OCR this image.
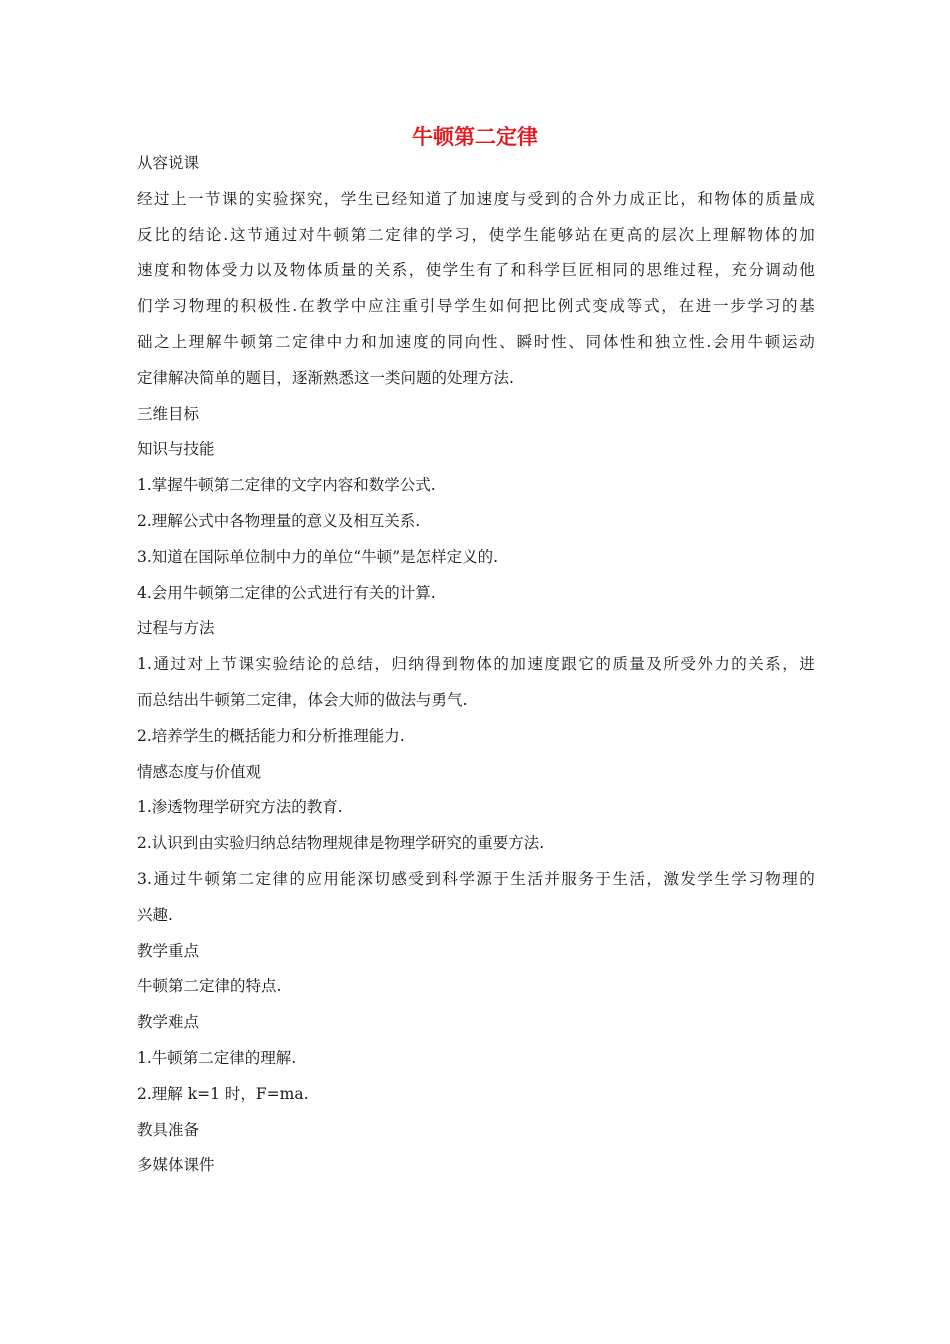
牛顿第二定律
从容说课
经过上一节课的实验探究，学生已经知道了加速度与受到的合外力成正比，和物体的质量成
反比的结论.这节通过对牛顿第二定律的学习，使学生能够站在更高的层次上理解物体的加
速度和物体受力以及物体质量的关系，使学生有了和科学巨匠相同的思维过程，充分调动他
们学习物理的积极性.在教学中应注重引导学生如何把比例式变成等式，在进一步学习的基
础之上理解牛顿第二定律中力和加速度的同向性、瞬时性、同体性和独立性.会用牛顿运动
定律解决简单的题目，逐渐熟悉这一类问题的处理方法.
三维目标
知识与技能
1.掌握牛顿第二定律的文字内容和数学公式.
2.理解公式中各物理量的意义及相互关系.
3.知道在国际单位制中力的单位“牛顿”是怎样定义的.
4.会用牛顿第二定律的公式进行有关的计算.
过程与方法
1.通过对上节课实验结论的总结，归纳得到物体的加速度跟它的质量及所受外力的关系，进
而总结出牛顿第二定律，体会大师的做法与勇气.
2.培养学生的概括能力和分析推理能力.
情感态度与价值观
1.渗透物理学研究方法的教育.
2.认识到由实验归纳总结物理规律是物理学研究的重要方法.
3.通过牛顿第二定律的应用能深切感受到科学源于生活并服务于生活，激发学生学习物理的
兴趣.
教学重点
牛顿第二定律的特点.
教学难点
1.牛顿第二定律的理解.
2.理解 k=1 时，F=ma.
教具准备
多媒体课件
